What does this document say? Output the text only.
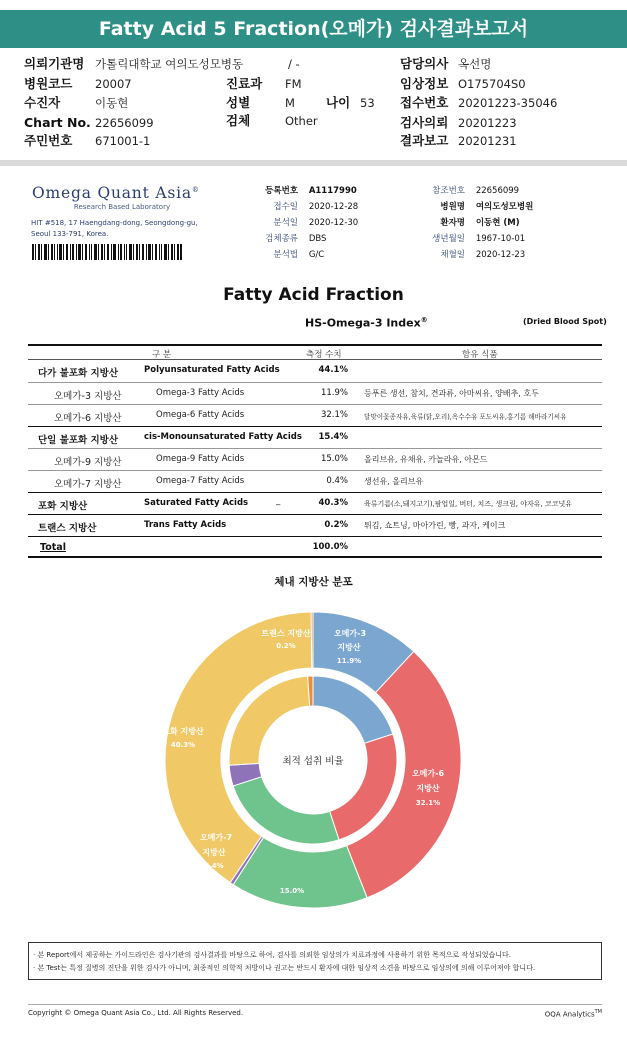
Fatty Acid 5 Fraction(오메가) 검사결과보고서
의뢰기관명 가톨릭대학교 여의도성모병동	/ -	담당의사 옥선명
병원코드 20007	진료과 FM	임상정보 O175704S0
수진자	이동현	성별	M 나이 53 접수번호 20201223-35046
Chart No. 22656099	검체	Other	검사의뢰 20201223
주민번호 671001-1	결과보고 20201231
Omega Quant Asia®
Research Based Laboratory
HIT #518, 17 Haengdang-dong, Seongdong-gu, Seoul 133-791, Korea.
등록번호 A1117990
접수일 2020-12-28
분석일 2020-12-30
검체종류 DBS
분석법 G/C
참조번호 22656099
병원명 여의도성모병원
환자명 이동현 (M)
생년월일 1967-10-01
채혈일 2020-12-23
Fatty Acid Fraction
HS-Omega-3 Index®	(Dried Blood Spot)
구 분	측정 수치	함유 식품
다가 불포화 지방산	Polyunsaturated Fatty Acids	44.1%
오메가-3 지방산	Omega-3 Fatty Acids	11.9% 등푸른 생선, 참치, 견과류, 아마씨유, 양배추, 호두
오메가-6 지방산	Omega-6 Fatty Acids	32.1% 달맞이꽃종자유,육류(닭,오리),옥수수유 포도씨유,홍기름 해바라기씨유
단일 불포화 지방산	cis-Monounsaturated Fatty Acids 15.4%
오메가-9 지방산	Omega-9 Fatty Acids	15.0% 올리브유, 유채유, 카놀라유, 아몬드
오메가-7 지방산	Omega-7 Fatty Acids	0.4% 생선유, 올리브유
포화 지방산	Saturated Fatty Acids	_	40.3% 육류기름(소,돼지고기),팜업일, 버터, 치즈, 생크림, 야자유, 코코넛유
트랜스 지방산	Trans Fatty Acids	0.2% 튀김, 쇼트닝, 마아가린, 빵, 과자, 케이크
Total	100.0%
체내 지방산 분포
최적 섭취 비율
트랜스 지방산
0.2%
오메가-3
지방산
11.9%
오메가-6
지방산
32.1%
15.0%
오메가-7
지방산
0.4%
포화 지방산
40.3%
· 본 Report에서 제공하는 가이드라인은 검사기관의 검사결과를 바탕으로 하여, 검사를 의뢰한 임상의가 치료과정에 사용하기 위한 목적으로 작성되었습니다.
· 본 Test는 특정 질병의 진단을 위한 검사가 아니며, 최종적인 의학적 처방이나 권고는 반드시 환자에 대한 임상적 소견을 바탕으로 임상의에 의해 이루어져야 합니다.
Copyright © Omega Quant Asia Co., Ltd. All Rights Reserved.	OQA Analytics™
